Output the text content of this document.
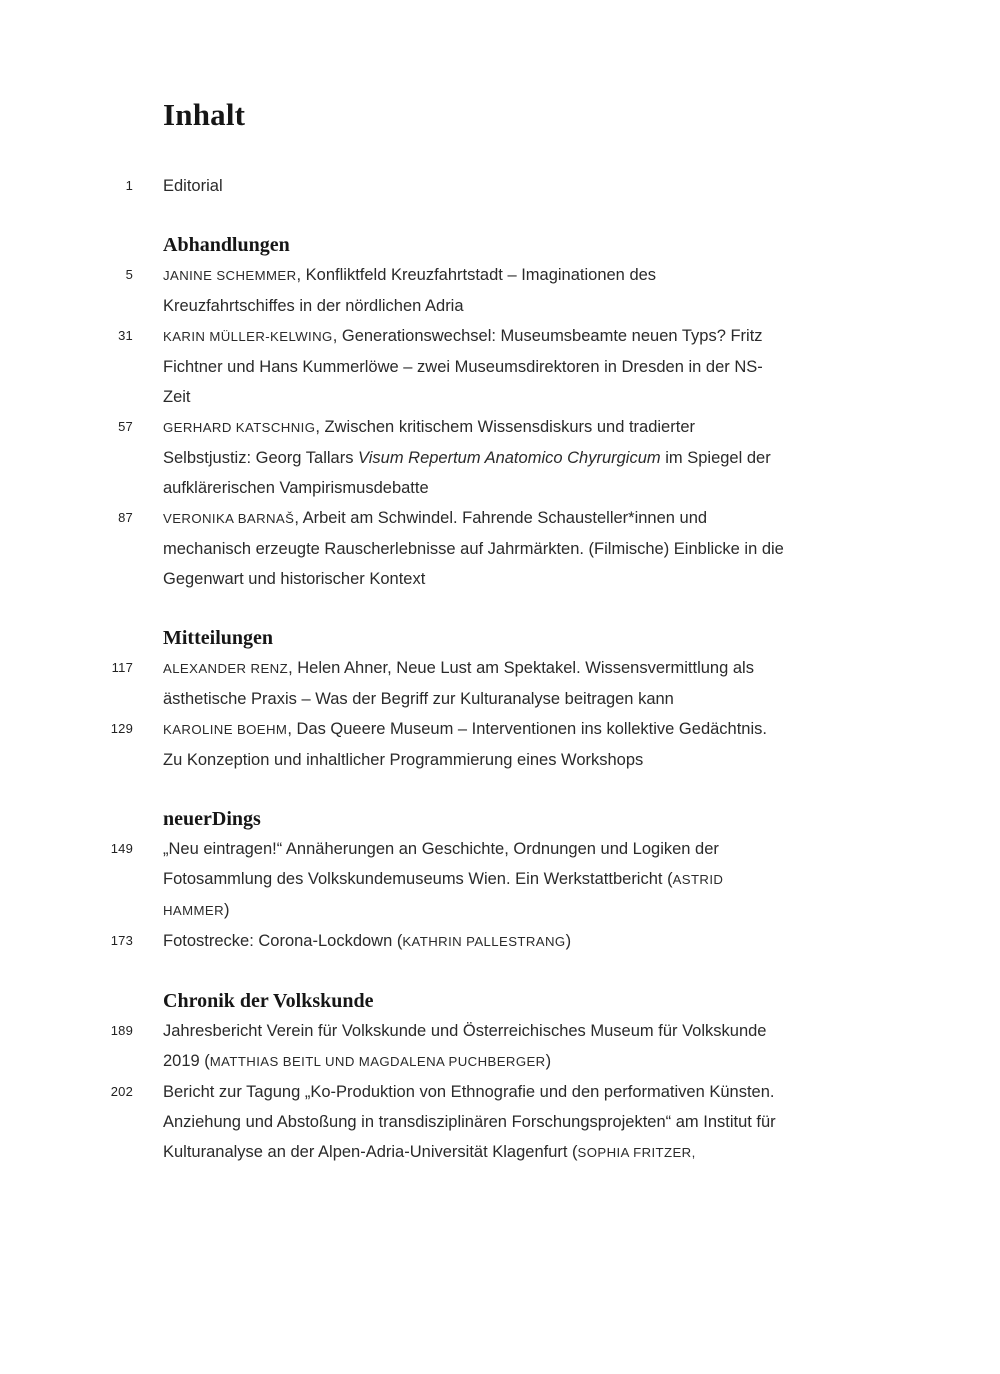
Inhalt
1 Editorial

Abhandlungen
5 JANINE SCHEMMER, Konfliktfeld Kreuzfahrtstadt – Imaginationen des Kreuzfahrtschiffes in der nördlichen Adria

31 KARIN MÜLLER-KELWING, Generationswechsel: Museumsbeamte neuen Typs? Fritz Fichtner und Hans Kummerlöwe – zwei Museumsdirektoren in Dresden in der NS-Zeit

57 GERHARD KATSCHNIG, Zwischen kritischem Wissensdiskurs und tradierter Selbstjustiz: Georg Tallars Visum Repertum Anatomico Chyrurgicum im Spiegel der aufklärerischen Vampirismusdebatte

87 VERONIKA BARNAŠ, Arbeit am Schwindel. Fahrende Schausteller*innen und mechanisch erzeugte Rauscherlebnisse auf Jahrmärkten. (Filmische) Einblicke in die Gegenwart und historischer Kontext

Mitteilungen
117 ALEXANDER RENZ, Helen Ahner, Neue Lust am Spektakel. Wissensvermittlung als ästhetische Praxis – Was der Begriff zur Kulturanalyse beitragen kann

129 KAROLINE BOEHM, Das Queere Museum – Interventionen ins kollektive Gedächtnis. Zu Konzeption und inhaltlicher Programmierung eines Workshops

neuerDings
149 „Neu eintragen!“ Annäherungen an Geschichte, Ordnungen und Logiken der Fotosammlung des Volkskundemuseums Wien. Ein Werkstattbericht (ASTRID HAMMER)

173 Fotostrecke: Corona-Lockdown (KATHRIN PALLESTRANG)

Chronik der Volkskunde
189 Jahresbericht Verein für Volkskunde und Österreichisches Museum für Volkskunde 2019 (MATTHIAS BEITL UND MAGDALENA PUCHBERGER)

202 Bericht zur Tagung „Ko-Produktion von Ethnografie und den performativen Künsten. Anziehung und Abstoßung in transdisziplinären Forschungsprojekten“ am Institut für Kulturanalyse an der Alpen-Adria-Universität Klagenfurt (SOPHIA FRITZER,
